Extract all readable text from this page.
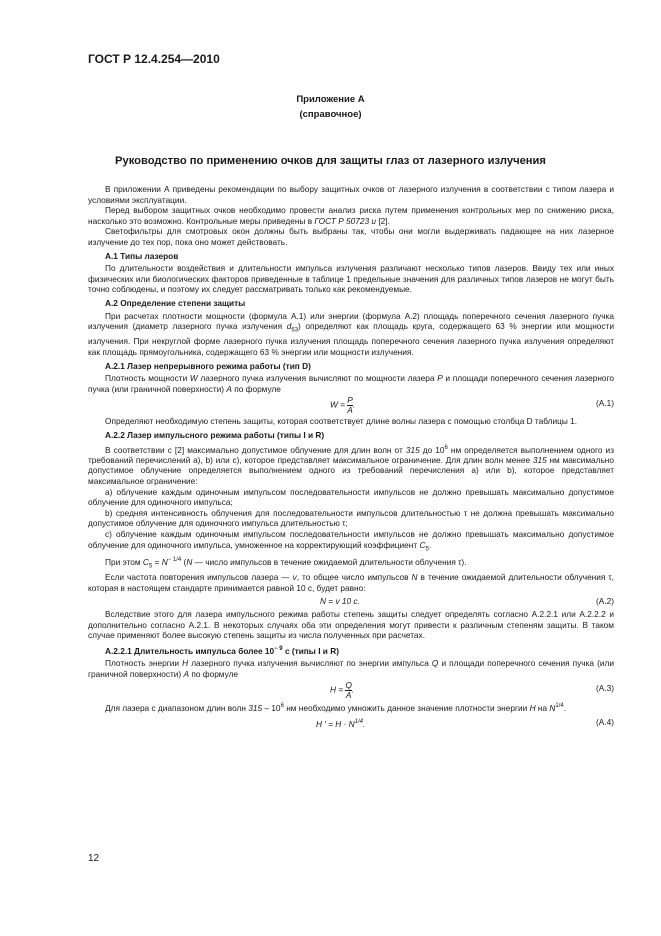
ГОСТ Р 12.4.254—2010
Приложение А
(справочное)
Руководство по применению очков для защиты глаз от лазерного излучения

В приложении А приведены рекомендации по выбору защитных очков от лазерного излучения в соответствии с типом лазера и условиями эксплуатации.

Перед выбором защитных очков необходимо провести анализ риска путем применения контрольных мер по снижению риска, насколько это возможно. Контрольные меры приведены в ГОСТ Р 50723 и [2].

Светофильтры для смотровых окон должны быть выбраны так, чтобы они могли выдерживать падающее на них лазерное излучение до тех пор, пока оно может действовать.

А.1 Типы лазеров

По длительности воздействия и длительности импульса излучения различают несколько типов лазеров. Ввиду тех или иных физических или биологических факторов приведенные в таблице 1 предельные значения для различных типов лазеров не могут быть точно соблюдены, и поэтому их следует рассматривать только как рекомендуемые.

А.2 Определение степени защиты

При расчетах плотности мощности (формула А.1) или энергии (формула А.2) площадь поперечного сечения лазерного пучка излучения (диаметр лазерного пучка излучения $d_{63}$) определяют как площадь круга, содержащего 63 % энергии или мощности излучения. При некруглой форме лазерного пучка излучения площадь поперечного сечения лазерного пучка излучения определяют как площадь прямоугольника, содержащего 63 % энергии или мощности излучения.

А.2.1 Лазер непрерывного режима работы (тип D)

Плотность мощности W лазерного пучка излучения вычисляют по мощности лазера P и площади поперечного сечения лазерного пучка (или граничной поверхности) A по формуле

$W = \frac{P}{A}$ .	(А.1)

Определяют необходимую степень защиты, которая соответствует длине волны лазера с помощью столбца D таблицы 1.

А.2.2 Лазер импульсного режима работы (типы I и R)

В соответствии с [2] максимально допустимое облучение для длин волн от 315 до $10^6$ нм определяется выполнением одного из требований перечислений а), b) или с), которое представляет максимальное ограничение. Для длин волн менее 315 нм максимально допустимое облучение определяется выполнением одного из требований перечисления а) или b), которое представляет максимальное ограничение:

а) облучение каждым одиночным импульсом последовательности импульсов не должно превышать максимально допустимое облучение для одиночного импульса;

b) средняя интенсивность облучения для последовательности импульсов длительностью τ не должна превышать максимально допустимое облучение для одиночного импульса длительностью τ;

с) облучение каждым одиночным импульсом последовательности импульсов не должно превышать максимально допустимое облучение для одиночного импульса, умноженное на корректирующий коэффициент $C_5$.

При этом $C_5 = N^{- 1/4}$ (N — число импульсов в течение ожидаемой длительности облучения τ).

Если частота повторения импульсов лазера — v, то общее число импульсов N в течение ожидаемой длительности облучения τ, которая в настоящем стандарте принимается равной 10 с, будет равно:

N = v 10 с.	(А.2)

Вследствие этого для лазера импульсного режима работы степень защиты следует определять согласно А.2.2.1 или А.2.2.2 и дополнительно согласно А.2.1. В некоторых случаях оба эти определения могут привести к различным степеням защиты. В таком случае применяют более высокую степень защиты из числа полученных при расчетах.

А.2.2.1 Длительность импульса более $10^{- 9}$ с (типы I и R)

Плотность энергии H лазерного пучка излучения вычисляют по энергии импульса Q и площади поперечного сечения пучка (или граничной поверхности) A по формуле

$H = \frac{Q}{A}$ .	(А.3)

Для лазера с диапазоном длин волн $315 - 10^6$ нм необходимо умножить данное значение плотности энергии H на $N^{1/4}$.

H ′ = $H \cdot N^{1/4}$.	(А.4)
12
